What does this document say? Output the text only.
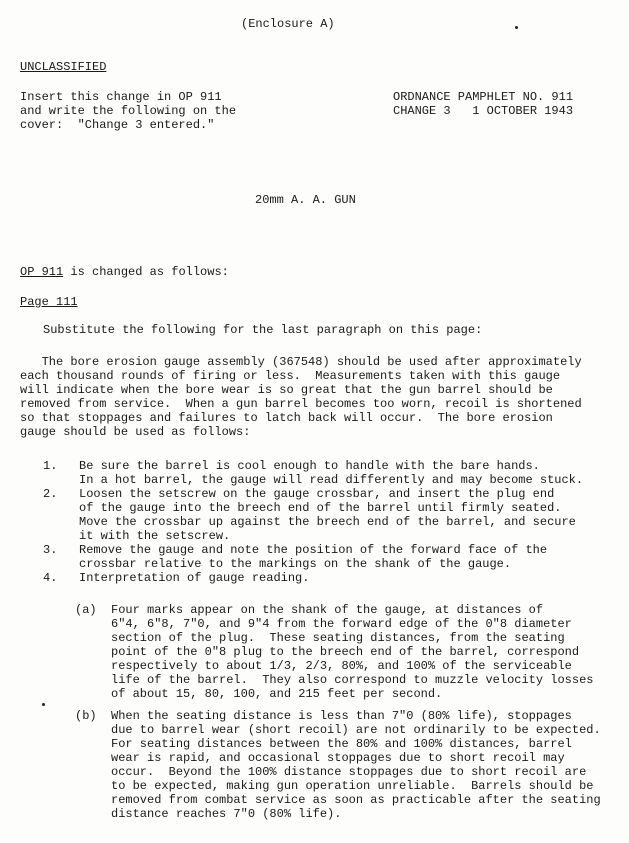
(Enclosure A)
UNCLASSIFIED
Insert this change in OP 911
and write the following on the
cover:  "Change 3 entered."
ORDNANCE PAMPHLET NO. 911
CHANGE 3   1 OCTOBER 1943
20mm A. A. GUN
OP 911 is changed as follows:
Page 111
Substitute the following for the last paragraph on this page:
The bore erosion gauge assembly (367548) should be used after approximately
each thousand rounds of firing or less.  Measurements taken with this gauge
will indicate when the bore wear is so great that the gun barrel should be
removed from service.  When a gun barrel becomes too worn, recoil is shortened
so that stoppages and failures to latch back will occur.  The bore erosion
gauge should be used as follows:
1.   Be sure the barrel is cool enough to handle with the bare hands.
In a hot barrel, the gauge will read differently and may become stuck.
2.   Loosen the setscrew on the gauge crossbar, and insert the plug end
of the gauge into the breech end of the barrel until firmly seated.
Move the crossbar up against the breech end of the barrel, and secure
it with the setscrew.
3.   Remove the gauge and note the position of the forward face of the
crossbar relative to the markings on the shank of the gauge.
4.   Interpretation of gauge reading.
(a)  Four marks appear on the shank of the gauge, at distances of
6"4, 6"8, 7"0, and 9"4 from the forward edge of the 0"8 diameter
section of the plug.  These seating distances, from the seating
point of the 0"8 plug to the breech end of the barrel, correspond
respectively to about 1/3, 2/3, 80%, and 100% of the serviceable
life of the barrel.  They also correspond to muzzle velocity losses
of about 15, 80, 100, and 215 feet per second.
(b)  When the seating distance is less than 7"0 (80% life), stoppages
due to barrel wear (short recoil) are not ordinarily to be expected.
For seating distances between the 80% and 100% distances, barrel
wear is rapid, and occasional stoppages due to short recoil may
occur.  Beyond the 100% distance stoppages due to short recoil are
to be expected, making gun operation unreliable.  Barrels should be
removed from combat service as soon as practicable after the seating
distance reaches 7"0 (80% life).
